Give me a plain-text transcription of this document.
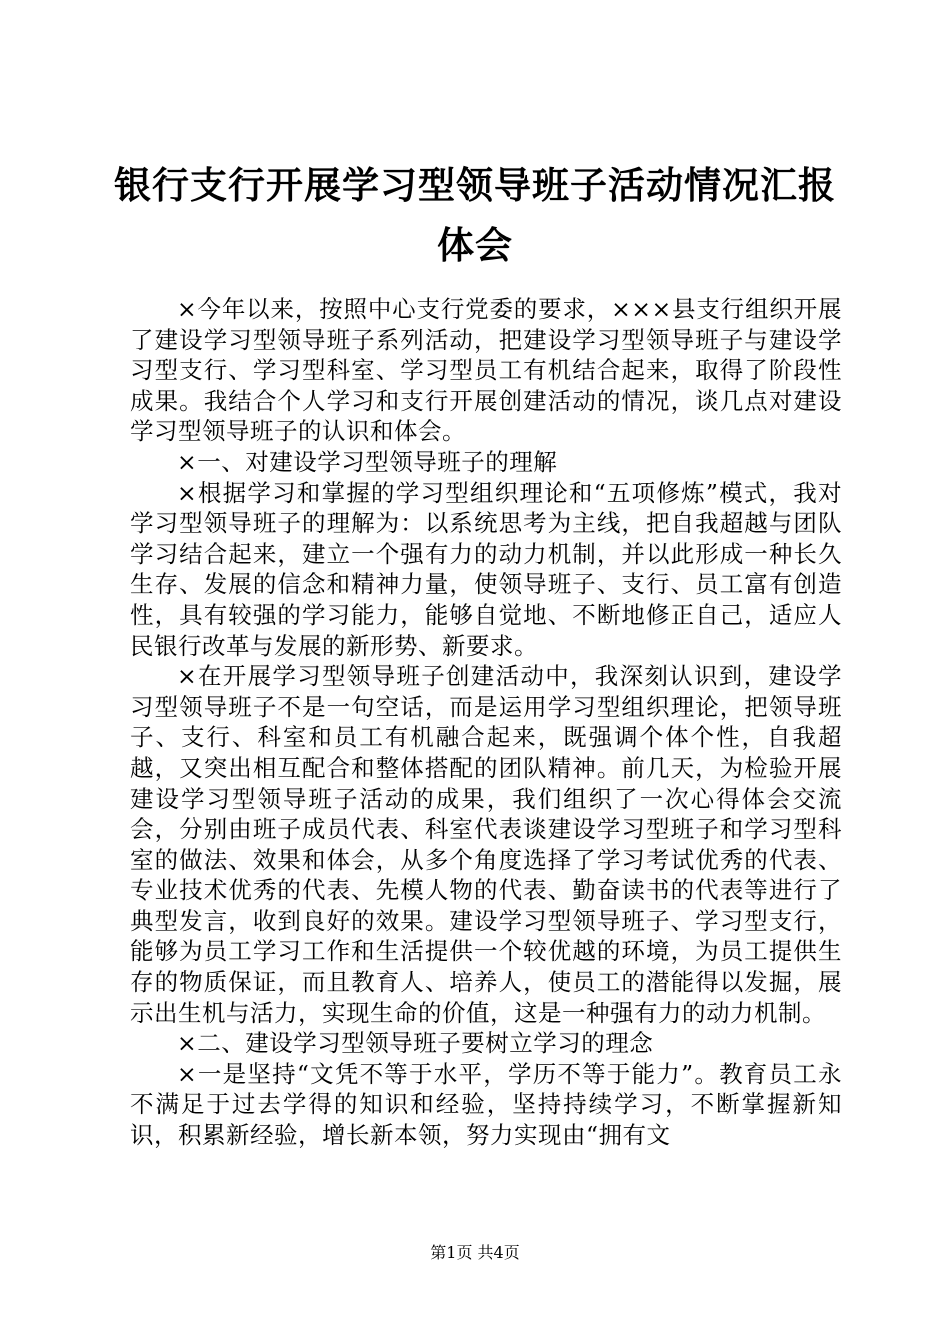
银行支行开展学习型领导班子活动情况汇报体会

×今年以来，按照中心支行党委的要求，×××县支行组织开展了建设学习型领导班子系列活动，把建设学习型领导班子与建设学习型支行、学习型科室、学习型员工有机结合起来，取得了阶段性成果。我结合个人学习和支行开展创建活动的情况，谈几点对建设学习型领导班子的认识和体会。

×一、对建设学习型领导班子的理解

×根据学习和掌握的学习型组织理论和“五项修炼”模式，我对学习型领导班子的理解为：以系统思考为主线，把自我超越与团队学习结合起来，建立一个强有力的动力机制，并以此形成一种长久生存、发展的信念和精神力量，使领导班子、支行、员工富有创造性，具有较强的学习能力，能够自觉地、不断地修正自己，适应人民银行改革与发展的新形势、新要求。

×在开展学习型领导班子创建活动中，我深刻认识到，建设学习型领导班子不是一句空话，而是运用学习型组织理论，把领导班子、支行、科室和员工有机融合起来，既强调个体个性，自我超越，又突出相互配合和整体搭配的团队精神。前几天，为检验开展建设学习型领导班子活动的成果，我们组织了一次心得体会交流会，分别由班子成员代表、科室代表谈建设学习型班子和学习型科室的做法、效果和体会，从多个角度选择了学习考试优秀的代表、专业技术优秀的代表、先模人物的代表、勤奋读书的代表等进行了典型发言，收到良好的效果。建设学习型领导班子、学习型支行，能够为员工学习工作和生活提供一个较优越的环境，为员工提供生存的物质保证，而且教育人、培养人，使员工的潜能得以发掘，展示出生机与活力，实现生命的价值，这是一种强有力的动力机制。

×二、建设学习型领导班子要树立学习的理念

×一是坚持“文凭不等于水平，学历不等于能力”。教育员工永不满足于过去学得的知识和经验，坚持持续学习，不断掌握新知识，积累新经验，增长新本领，努力实现由“拥有文

第1页 共4页
